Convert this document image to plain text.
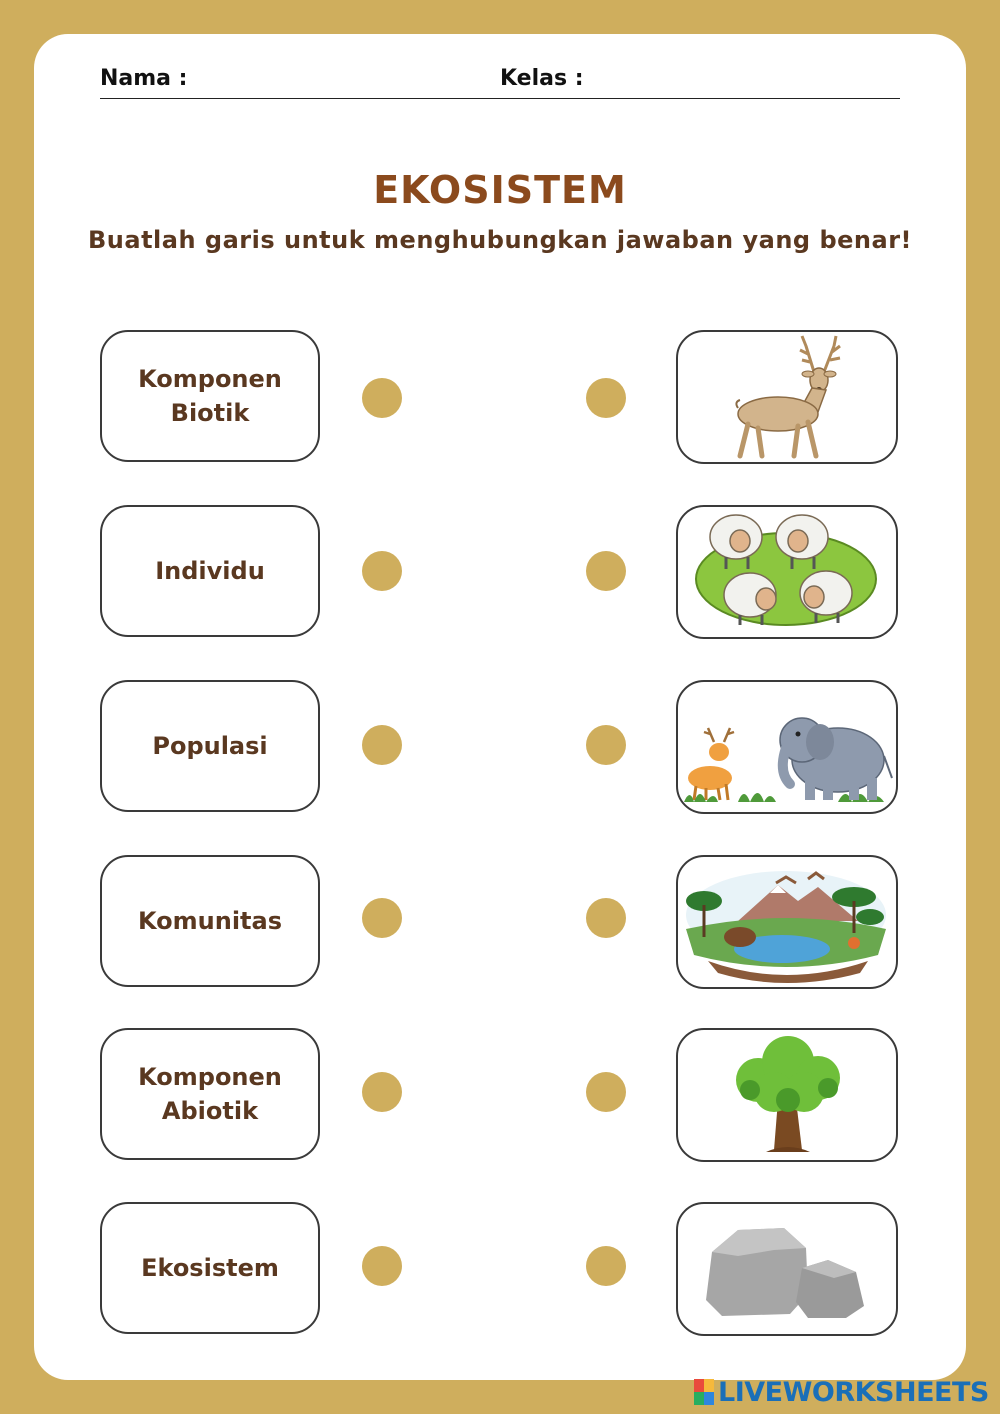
Nama :	Kelas :
EKOSISTEM
Buatlah garis untuk menghubungkan jawaban yang benar!
Komponen
Biotik
Individu
Populasi
Komunitas
Komponen
Abiotik
Ekosistem
LIVEWORKSHEETS
